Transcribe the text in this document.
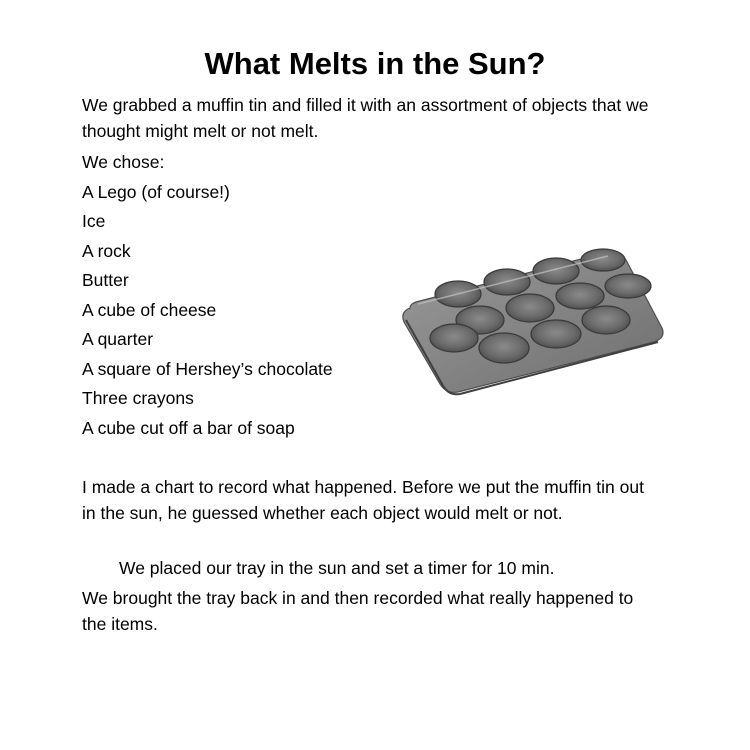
What Melts in the Sun?
We grabbed a muffin tin and filled it with an assortment of objects that we thought might melt or not melt.
We chose:
A Lego (of course!)
Ice
A rock
Butter
A cube of cheese
A quarter
A square of Hershey’s chocolate
Three crayons
A cube cut off a bar of soap
I made a chart to record what happened. Before we put the muffin tin out in the sun, he guessed whether each object would melt or not.
We placed our tray in the sun and set a timer for 10 min.
We brought the tray back in and then recorded what really happened to the items.
